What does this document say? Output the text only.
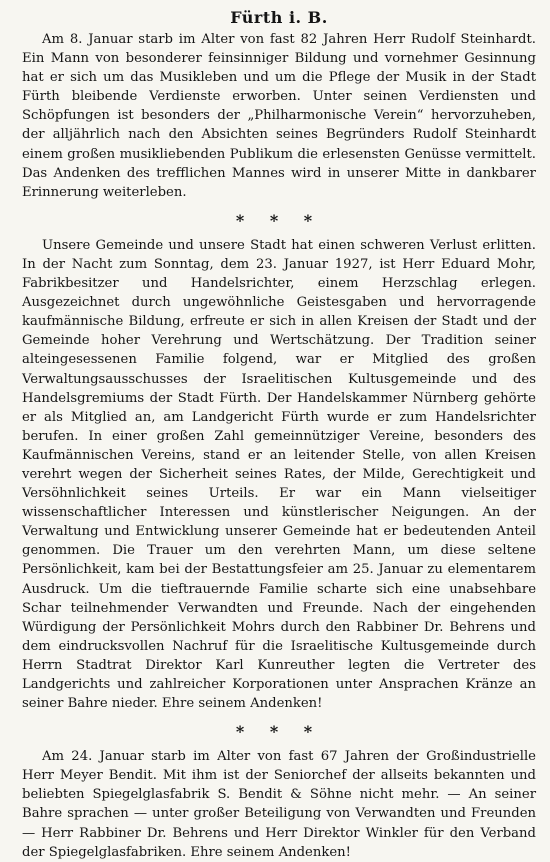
Fürth i. B.

Am 8. Januar starb im Alter von fast 82 Jahren Herr Rudolf Steinhardt. Ein Mann von besonderer feinsinniger Bildung und vornehmer Gesinnung hat er sich um das Musikleben und um die Pflege der Musik in der Stadt Fürth bleibende Verdienste erworben. Unter seinen Verdiensten und Schöpfungen ist besonders der „Philharmonische Verein“ hervorzuheben, der alljährlich nach den Absichten seines Begründers Rudolf Steinhardt einem großen musikliebenden Publikum die erlesensten Genüsse vermittelt. Das Andenken des trefflichen Mannes wird in unserer Mitte in dankbarer Erinnerung weiterleben.

* * *

Unsere Gemeinde und unsere Stadt hat einen schweren Verlust erlitten. In der Nacht zum Sonntag, dem 23. Januar 1927, ist Herr Eduard Mohr, Fabrikbesitzer und Handelsrichter, einem Herzschlag erlegen. Ausgezeichnet durch ungewöhnliche Geistesgaben und hervorragende kaufmännische Bildung, erfreute er sich in allen Kreisen der Stadt und der Gemeinde hoher Verehrung und Wertschätzung. Der Tradition seiner alteingesessenen Familie folgend, war er Mitglied des großen Verwaltungsausschusses der Israelitischen Kultusgemeinde und des Handelsgremiums der Stadt Fürth. Der Handelskammer Nürnberg gehörte er als Mitglied an, am Landgericht Fürth wurde er zum Handelsrichter berufen. In einer großen Zahl gemeinnütziger Vereine, besonders des Kaufmännischen Vereins, stand er an leitender Stelle, von allen Kreisen verehrt wegen der Sicherheit seines Rates, der Milde, Gerechtigkeit und Versöhnlichkeit seines Urteils. Er war ein Mann vielseitiger wissenschaftlicher Interessen und künstlerischer Neigungen. An der Verwaltung und Entwicklung unserer Gemeinde hat er bedeutenden Anteil genommen. Die Trauer um den verehrten Mann, um diese seltene Persönlichkeit, kam bei der Bestattungsfeier am 25. Januar zu elementarem Ausdruck. Um die tieftrauernde Familie scharte sich eine unabsehbare Schar teilnehmender Verwandten und Freunde. Nach der eingehenden Würdigung der Persönlichkeit Mohrs durch den Rabbiner Dr. Behrens und dem eindrucksvollen Nachruf für die Israelitische Kultusgemeinde durch Herrn Stadtrat Direktor Karl Kunreuther legten die Vertreter des Landgerichts und zahlreicher Korporationen unter Ansprachen Kränze an seiner Bahre nieder. Ehre seinem Andenken!

* * *

Am 24. Januar starb im Alter von fast 67 Jahren der Großindustrielle Herr Meyer Bendit. Mit ihm ist der Seniorchef der allseits bekannten und beliebten Spiegelglasfabrik S. Bendit & Söhne nicht mehr. — An seiner Bahre sprachen — unter großer Beteiligung von Verwandten und Freunden — Herr Rabbiner Dr. Behrens und Herr Direktor Winkler für den Verband der Spiegelglasfabriken. Ehre seinem Andenken!
